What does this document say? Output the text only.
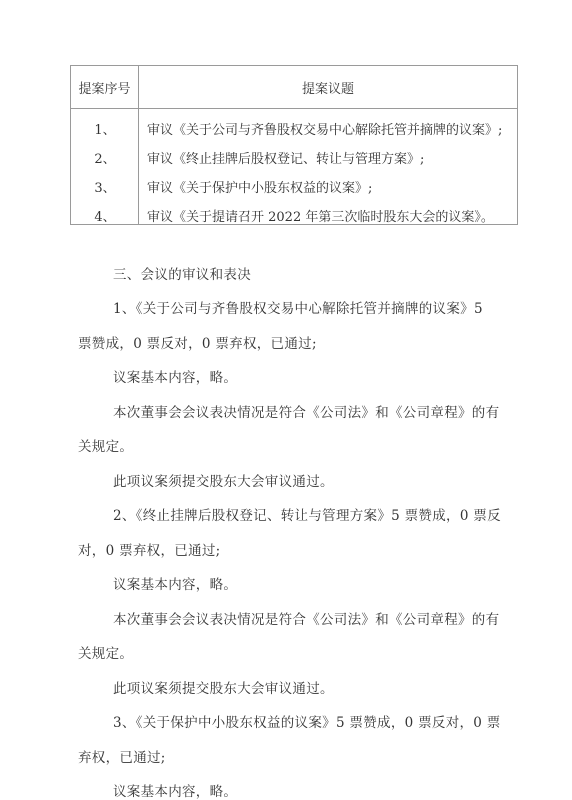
提案序号	提案议题
1、	审议《关于公司与齐鲁股权交易中心解除托管并摘牌的议案》;
2、	审议《终止挂牌后股权登记、转让与管理方案》;
3、	审议《关于保护中小股东权益的议案》;
4、	审议《关于提请召开 2022 年第三次临时股东大会的议案》。
三、会议的审议和表决
1、《关于公司与齐鲁股权交易中心解除托管并摘牌的议案》5
票赞成，0 票反对，0 票弃权，已通过;
议案基本内容，略。
本次董事会会议表决情况是符合《公司法》和《公司章程》的有
关规定。
此项议案须提交股东大会审议通过。
2、《终止挂牌后股权登记、转让与管理方案》5 票赞成，0 票反
对，0 票弃权，已通过;
议案基本内容，略。
本次董事会会议表决情况是符合《公司法》和《公司章程》的有
关规定。
此项议案须提交股东大会审议通过。
3、《关于保护中小股东权益的议案》5 票赞成，0 票反对，0 票
弃权，已通过;
议案基本内容，略。
